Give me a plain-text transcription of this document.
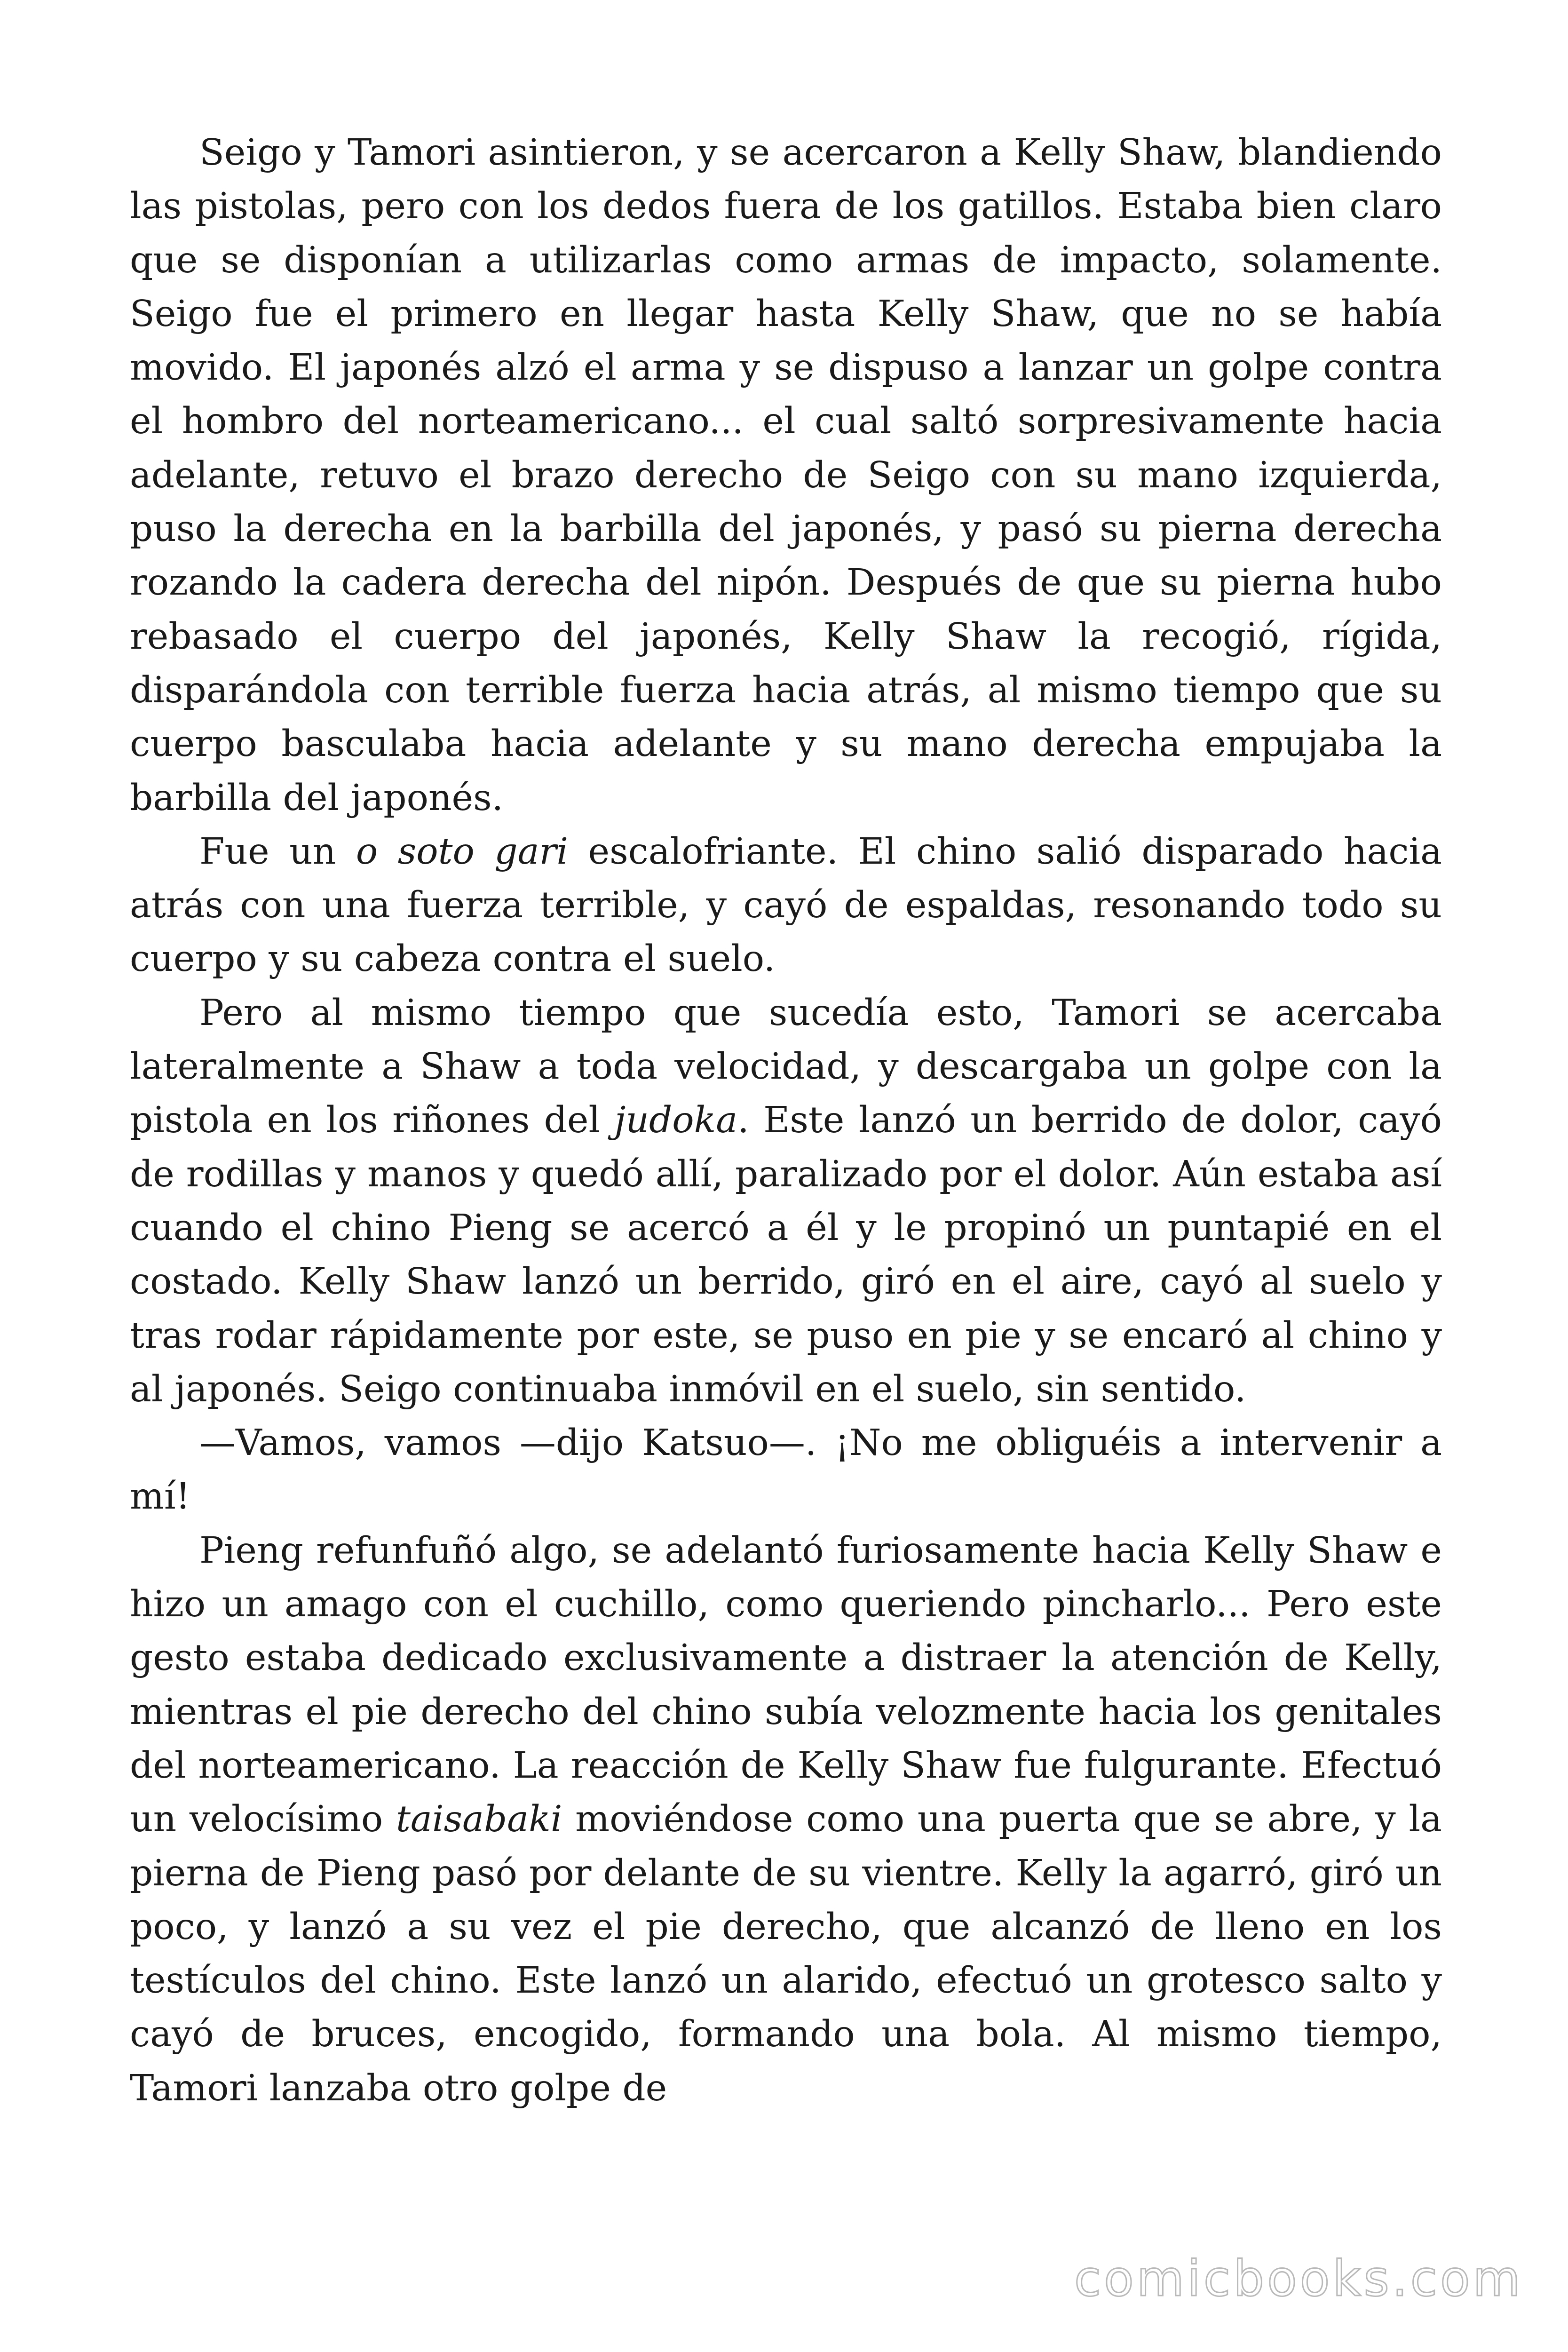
Seigo y Tamori asintieron, y se acercaron a Kelly Shaw, blandiendo las pistolas, pero con los dedos fuera de los gatillos. Estaba bien claro que se disponían a utilizarlas como armas de impacto, solamente. Seigo fue el primero en llegar hasta Kelly Shaw, que no se había movido. El japonés alzó el arma y se dispuso a lanzar un golpe contra el hombro del norteamericano... el cual saltó sorpresivamente hacia adelante, retuvo el brazo derecho de Seigo con su mano izquierda, puso la derecha en la barbilla del japonés, y pasó su pierna derecha rozando la cadera derecha del nipón. Después de que su pierna hubo rebasado el cuerpo del japonés, Kelly Shaw la recogió, rígida, disparándola con terrible fuerza hacia atrás, al mismo tiempo que su cuerpo basculaba hacia adelante y su mano derecha empujaba la barbilla del japonés.

Fue un o soto gari escalofriante. El chino salió disparado hacia atrás con una fuerza terrible, y cayó de espaldas, resonando todo su cuerpo y su cabeza contra el suelo.

Pero al mismo tiempo que sucedía esto, Tamori se acercaba lateralmente a Shaw a toda velocidad, y descargaba un golpe con la pistola en los riñones del judoka. Este lanzó un berrido de dolor, cayó de rodillas y manos y quedó allí, paralizado por el dolor. Aún estaba así cuando el chino Pieng se acercó a él y le propinó un puntapié en el costado. Kelly Shaw lanzó un berrido, giró en el aire, cayó al suelo y tras rodar rápidamente por este, se puso en pie y se encaró al chino y al japonés. Seigo continuaba inmóvil en el suelo, sin sentido.

—Vamos, vamos —dijo Katsuo—. ¡No me obliguéis a intervenir a mí!

Pieng refunfuñó algo, se adelantó furiosamente hacia Kelly Shaw e hizo un amago con el cuchillo, como queriendo pincharlo... Pero este gesto estaba dedicado exclusivamente a distraer la atención de Kelly, mientras el pie derecho del chino subía velozmente hacia los genitales del norteamericano. La reacción de Kelly Shaw fue fulgurante. Efectuó un velocísimo taisabaki moviéndose como una puerta que se abre, y la pierna de Pieng pasó por delante de su vientre. Kelly la agarró, giró un poco, y lanzó a su vez el pie derecho, que alcanzó de lleno en los testículos del chino. Este lanzó un alarido, efectuó un grotesco salto y cayó de bruces, encogido, formando una bola. Al mismo tiempo, Tamori lanzaba otro golpe de

comicbooks.com
